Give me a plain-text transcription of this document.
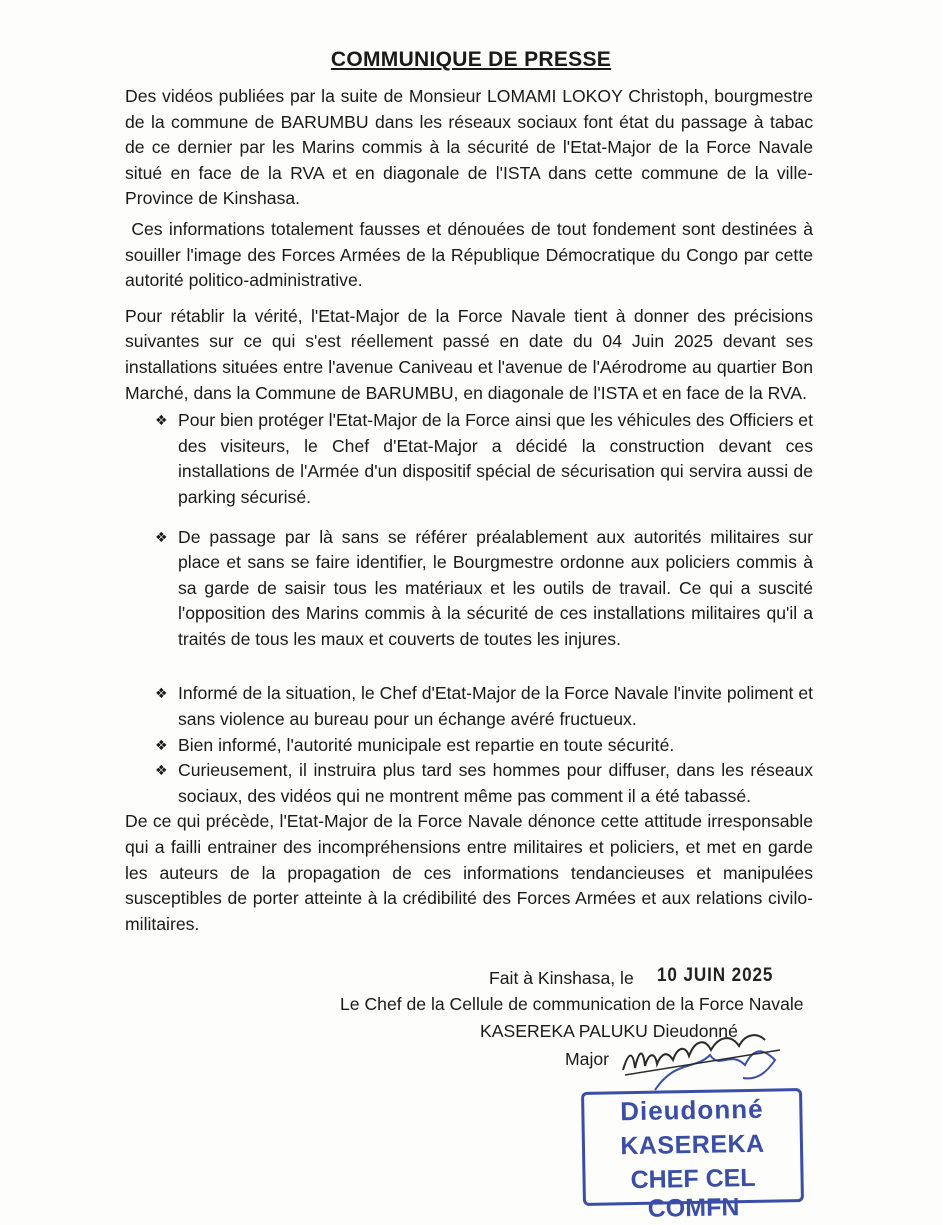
COMMUNIQUE DE PRESSE

Des vidéos publiées par la suite de Monsieur LOMAMI LOKOY Christoph, bourgmestre de la commune de BARUMBU dans les réseaux sociaux font état du passage à tabac de ce dernier par les Marins commis à la sécurité de l'Etat-Major de la Force Navale situé en face de la RVA et en diagonale de l'ISTA dans cette commune de la ville-Province de Kinshasa.

Ces informations totalement fausses et dénouées de tout fondement sont destinées à souiller l'image des Forces Armées de la République Démocratique du Congo par cette autorité politico-administrative.

Pour rétablir la vérité, l'Etat-Major de la Force Navale tient à donner des précisions suivantes sur ce qui s'est réellement passé en date du 04 Juin 2025 devant ses installations situées entre l'avenue Caniveau et l'avenue de l'Aérodrome au quartier Bon Marché, dans la Commune de BARUMBU, en diagonale de l'ISTA et en face de la RVA.

❖ Pour bien protéger l'Etat-Major de la Force ainsi que les véhicules des Officiers et des visiteurs, le Chef d'Etat-Major a décidé la construction devant ces installations de l'Armée d'un dispositif spécial de sécurisation qui servira aussi de parking sécurisé.
❖ De passage par là sans se référer préalablement aux autorités militaires sur place et sans se faire identifier, le Bourgmestre ordonne aux policiers commis à sa garde de saisir tous les matériaux et les outils de travail. Ce qui a suscité l'opposition des Marins commis à la sécurité de ces installations militaires qu'il a traités de tous les maux et couverts de toutes les injures.
❖ Informé de la situation, le Chef d'Etat-Major de la Force Navale l'invite poliment et sans violence au bureau pour un échange avéré fructueux.
❖ Bien informé, l'autorité municipale est repartie en toute sécurité.
❖ Curieusement, il instruira plus tard ses hommes pour diffuser, dans les réseaux sociaux, des vidéos qui ne montrent même pas comment il a été tabassé.

De ce qui précède, l'Etat-Major de la Force Navale dénonce cette attitude irresponsable qui a failli entrainer des incompréhensions entre militaires et policiers, et met en garde les auteurs de la propagation de ces informations tendancieuses et manipulées susceptibles de porter atteinte à la crédibilité des Forces Armées et aux relations civilo-militaires.

Fait à Kinshasa, le 10 JUIN 2025
Le Chef de la Cellule de communication de la Force Navale
KASEREKA PALUKU Dieudonné
Major
Dieudonné
KASEREKA
CHEF CEL COMFN
